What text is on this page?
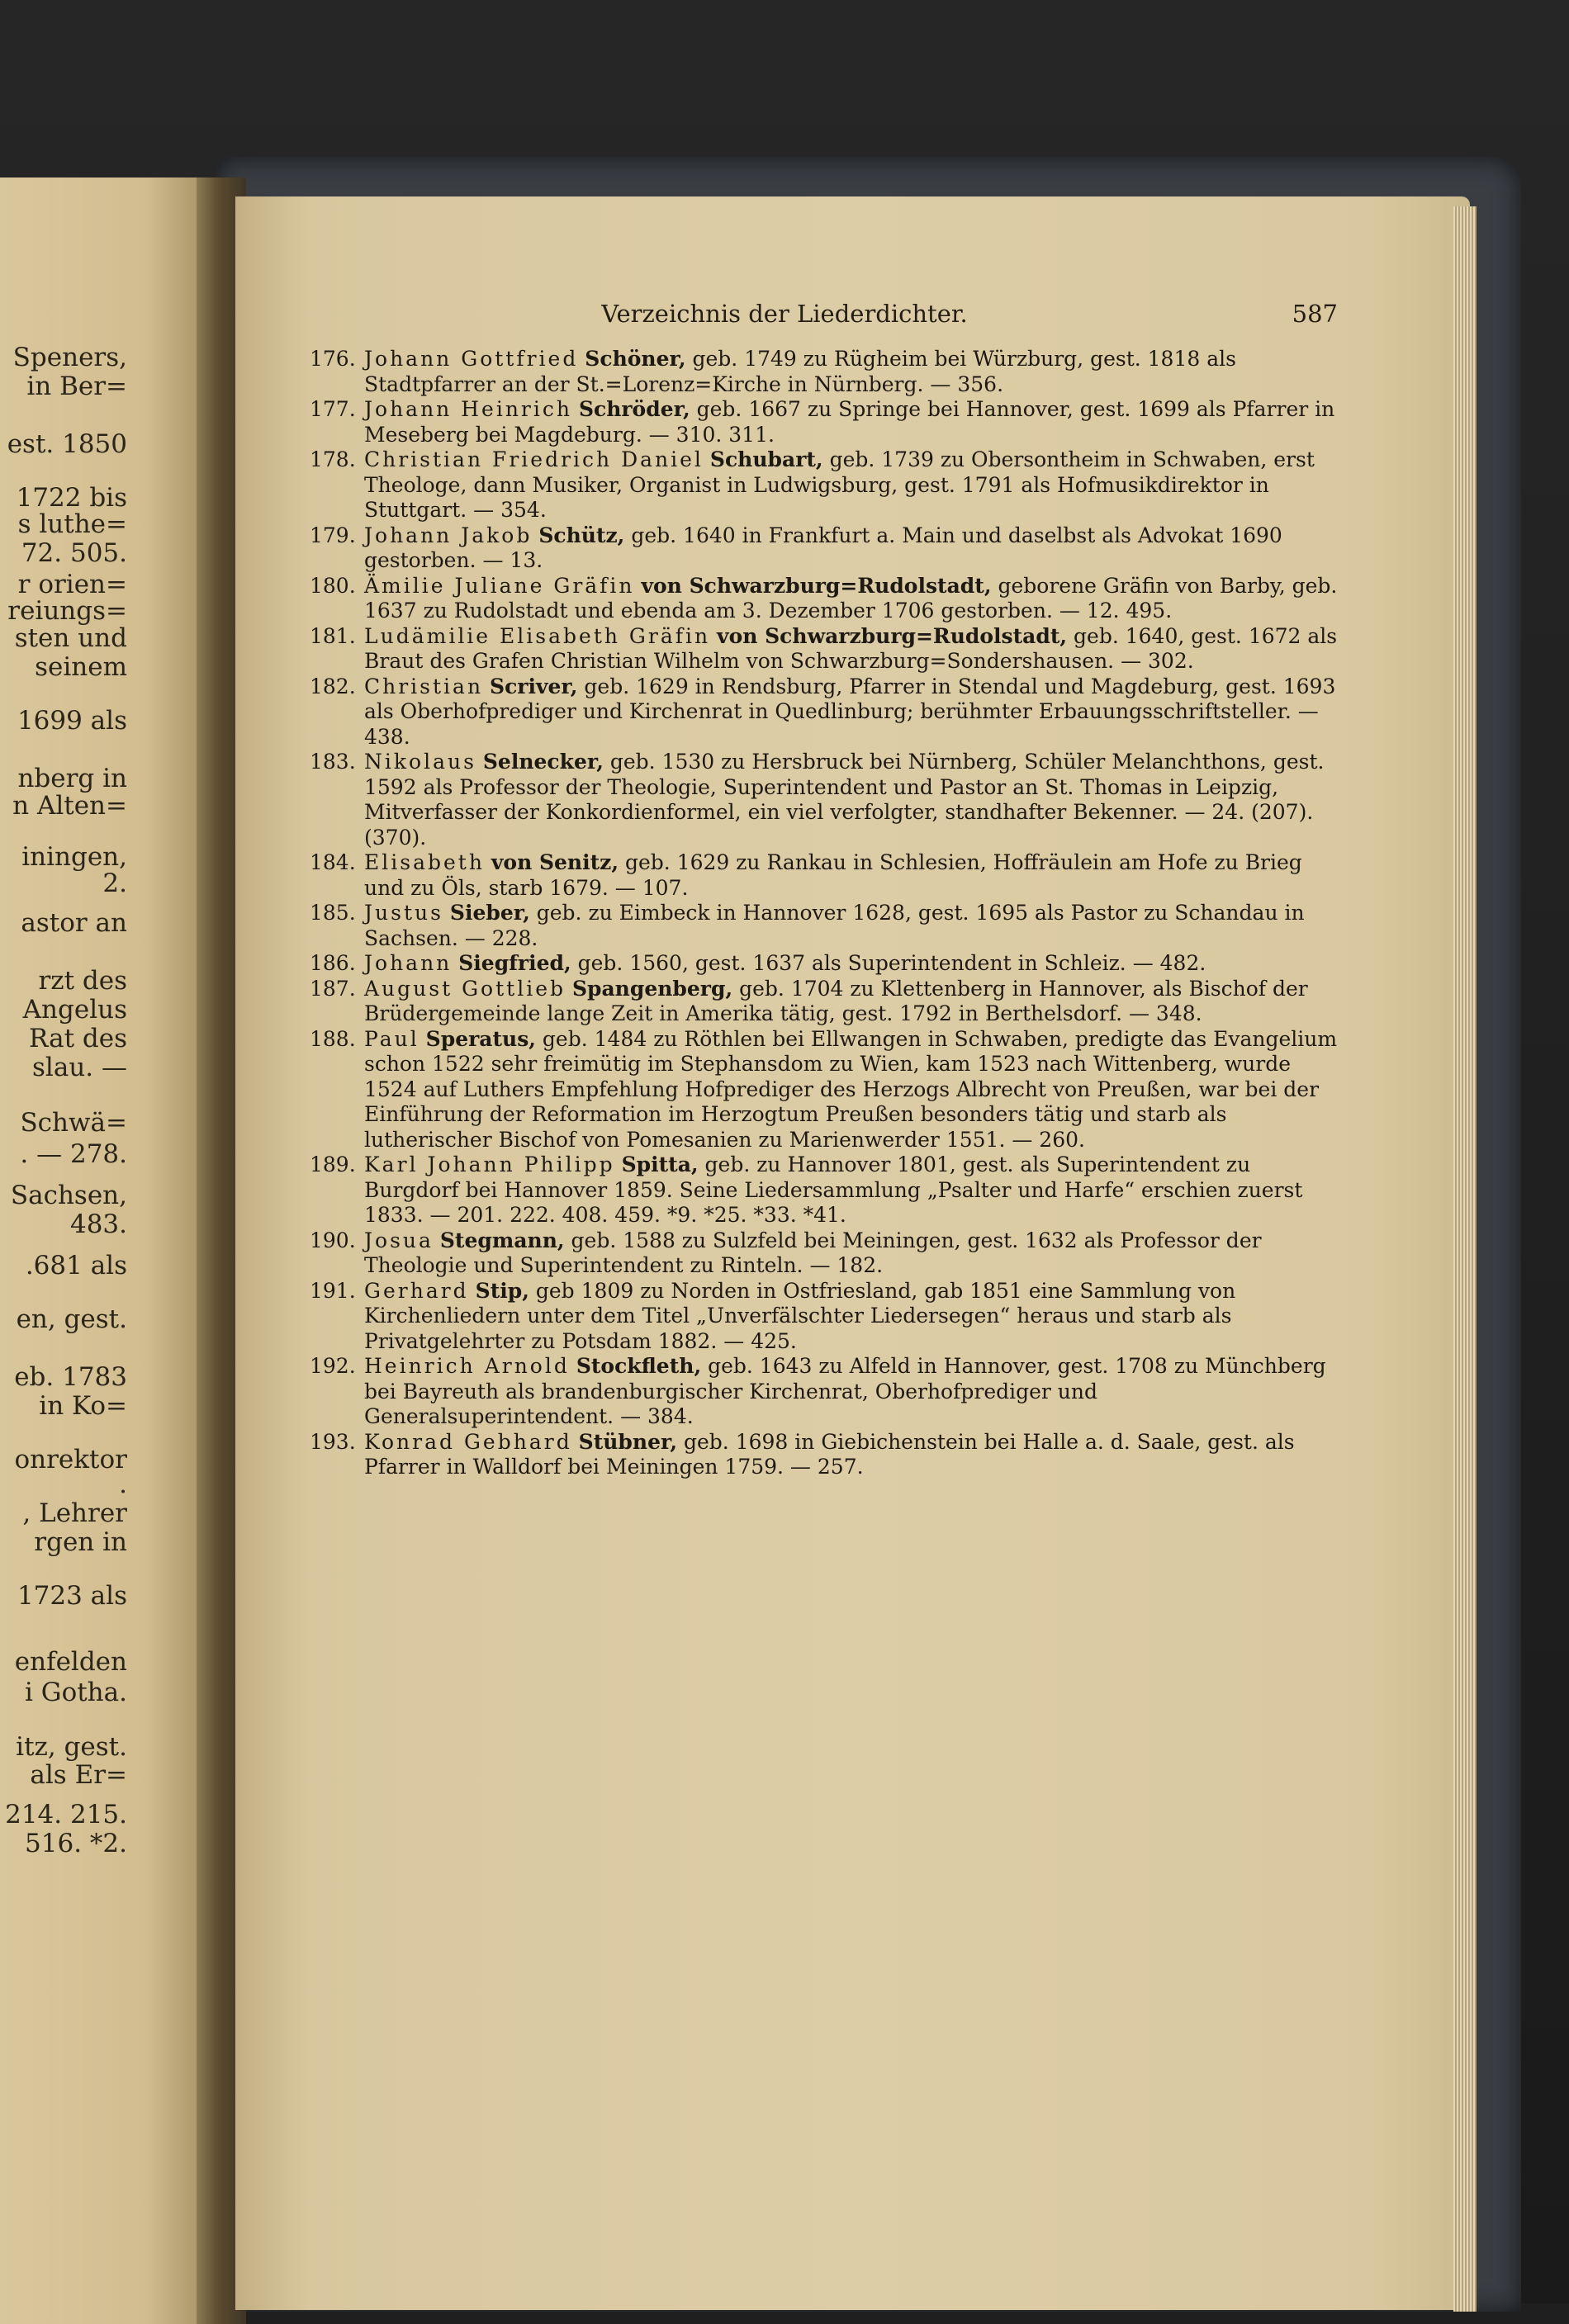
Speners,
in Ber=
est. 1850
1722 bis
s luthe=
72. 505.
r orien=
reiungs=
sten und
seinem
1699 als
nberg in
n Alten=
iningen,
2.
astor an
rzt des
Angelus
Rat des
slau. —
Schwä=
. — 278.
Sachsen,
483.
.681 als
en, gest.
eb. 1783
in Ko=
onrektor
.
, Lehrer
rgen in
1723 als
enfelden
i Gotha.
itz, gest.
als Er=
214. 215.
516. *2.
Verzeichnis der Liederdichter.	587
176. Johann Gottfried Schöner, geb. 1749 zu Rügheim bei Würzburg, gest. 1818 als Stadtpfarrer an der St.=Lorenz=Kirche in Nürnberg. — 356.
177. Johann Heinrich Schröder, geb. 1667 zu Springe bei Hannover, gest. 1699 als Pfarrer in Meseberg bei Magdeburg. — 310. 311.
178. Christian Friedrich Daniel Schubart, geb. 1739 zu Obersontheim in Schwaben, erst Theologe, dann Musiker, Organist in Ludwigsburg, gest. 1791 als Hofmusikdirektor in Stuttgart. — 354.
179. Johann Jakob Schütz, geb. 1640 in Frankfurt a. Main und daselbst als Advokat 1690 gestorben. — 13.
180. Ämilie Juliane Gräfin von Schwarzburg=Rudolstadt, geborene Gräfin von Barby, geb. 1637 zu Rudolstadt und ebenda am 3. Dezember 1706 gestorben. — 12. 495.
181. Ludämilie Elisabeth Gräfin von Schwarzburg=Rudolstadt, geb. 1640, gest. 1672 als Braut des Grafen Christian Wilhelm von Schwarzburg=Sondershausen. — 302.
182. Christian Scriver, geb. 1629 in Rendsburg, Pfarrer in Stendal und Magdeburg, gest. 1693 als Oberhofprediger und Kirchenrat in Quedlinburg; berühmter Erbauungsschriftsteller. — 438.
183. Nikolaus Selnecker, geb. 1530 zu Hersbruck bei Nürnberg, Schüler Melanchthons, gest. 1592 als Professor der Theologie, Superintendent und Pastor an St. Thomas in Leipzig, Mitverfasser der Konkordienformel, ein viel verfolgter, standhafter Bekenner. — 24. (207). (370).
184. Elisabeth von Senitz, geb. 1629 zu Rankau in Schlesien, Hoffräulein am Hofe zu Brieg und zu Öls, starb 1679. — 107.
185. Justus Sieber, geb. zu Eimbeck in Hannover 1628, gest. 1695 als Pastor zu Schandau in Sachsen. — 228.
186. Johann Siegfried, geb. 1560, gest. 1637 als Superintendent in Schleiz. — 482.
187. August Gottlieb Spangenberg, geb. 1704 zu Klettenberg in Hannover, als Bischof der Brüdergemeinde lange Zeit in Amerika tätig, gest. 1792 in Berthelsdorf. — 348.
188. Paul Speratus, geb. 1484 zu Röthlen bei Ellwangen in Schwaben, predigte das Evangelium schon 1522 sehr freimütig im Stephansdom zu Wien, kam 1523 nach Wittenberg, wurde 1524 auf Luthers Empfehlung Hofprediger des Herzogs Albrecht von Preußen, war bei der Einführung der Reformation im Herzogtum Preußen besonders tätig und starb als lutherischer Bischof von Pomesanien zu Marienwerder 1551. — 260.
189. Karl Johann Philipp Spitta, geb. zu Hannover 1801, gest. als Superintendent zu Burgdorf bei Hannover 1859. Seine Liedersammlung „Psalter und Harfe“ erschien zuerst 1833. — 201. 222. 408. 459. *9. *25. *33. *41.
190. Josua Stegmann, geb. 1588 zu Sulzfeld bei Meiningen, gest. 1632 als Professor der Theologie und Superintendent zu Rinteln. — 182.
191. Gerhard Stip, geb 1809 zu Norden in Ostfriesland, gab 1851 eine Sammlung von Kirchenliedern unter dem Titel „Unverfälschter Liedersegen“ heraus und starb als Privatgelehrter zu Potsdam 1882. — 425.
192. Heinrich Arnold Stockfleth, geb. 1643 zu Alfeld in Hannover, gest. 1708 zu Münchberg bei Bayreuth als brandenburgischer Kirchenrat, Oberhofprediger und Generalsuperintendent. — 384.
193. Konrad Gebhard Stübner, geb. 1698 in Giebichenstein bei Halle a. d. Saale, gest. als Pfarrer in Walldorf bei Meiningen 1759. — 257.
